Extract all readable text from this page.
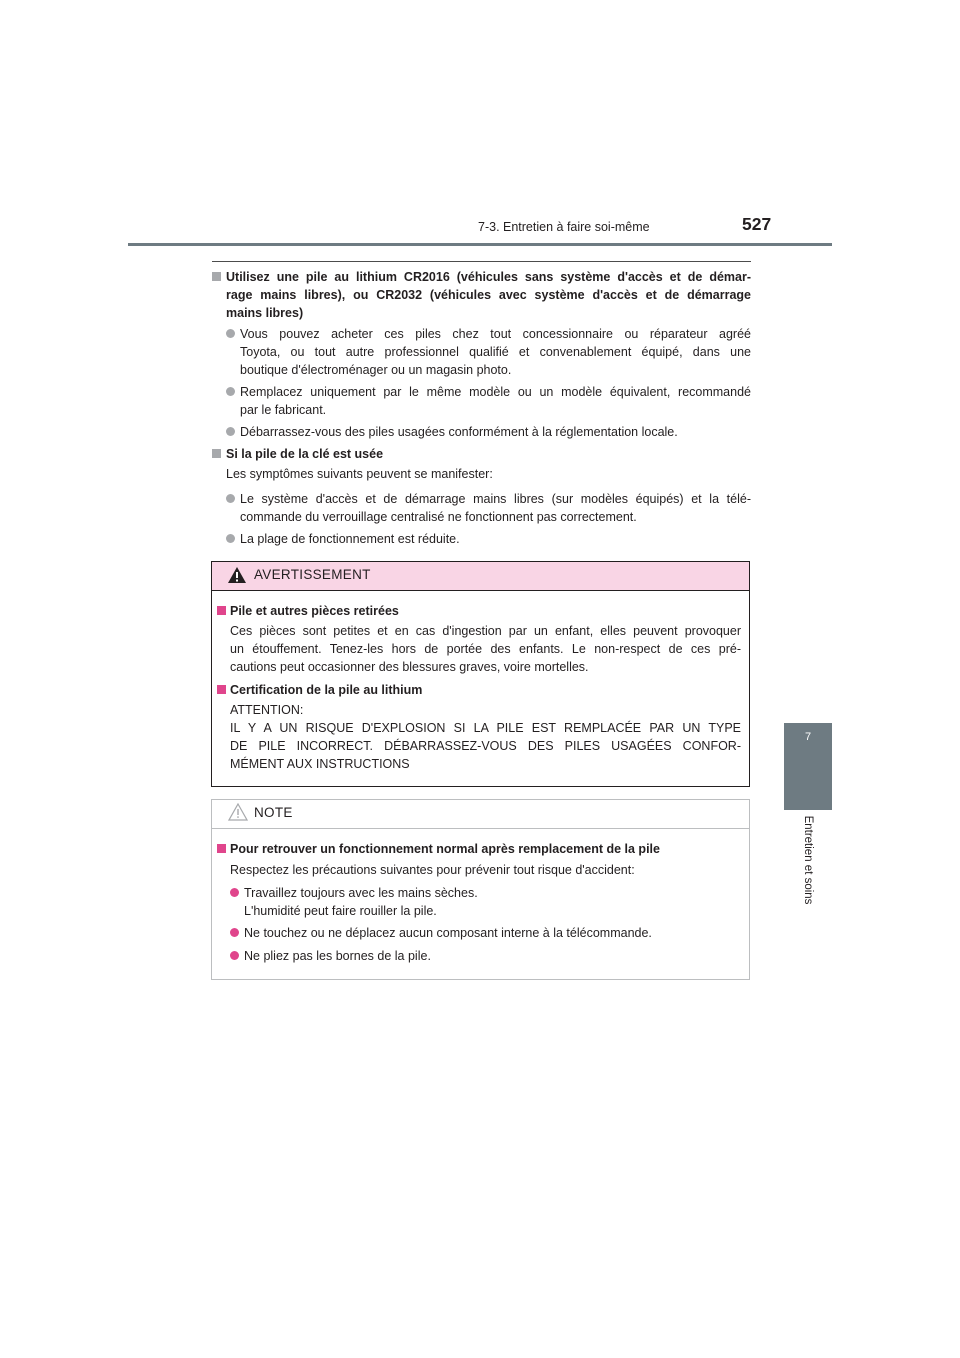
7-3. Entretien à faire soi-même	527
7
Entretien et soins
Utilisez une pile au lithium CR2016 (véhicules sans système d'accès et de démar-
rage mains libres), ou CR2032 (véhicules avec système d'accès et de démarrage
mains libres)
Vous pouvez acheter ces piles chez tout concessionnaire ou réparateur agréé
Toyota, ou tout autre professionnel qualifié et convenablement équipé, dans une
boutique d'électroménager ou un magasin photo.
Remplacez uniquement par le même modèle ou un modèle équivalent, recommandé
par le fabricant.
Débarrassez-vous des piles usagées conformément à la réglementation locale.
Si la pile de la clé est usée
Les symptômes suivants peuvent se manifester:
Le système d'accès et de démarrage mains libres (sur modèles équipés) et la télé-
commande du verrouillage centralisé ne fonctionnent pas correctement.
La plage de fonctionnement est réduite.
AVERTISSEMENT
Pile et autres pièces retirées
Ces pièces sont petites et en cas d'ingestion par un enfant, elles peuvent provoquer
un étouffement. Tenez-les hors de portée des enfants. Le non-respect de ces pré-
cautions peut occasionner des blessures graves, voire mortelles.
Certification de la pile au lithium
ATTENTION:
IL Y A UN RISQUE D'EXPLOSION SI LA PILE EST REMPLACÉE PAR UN TYPE
DE PILE INCORRECT. DÉBARRASSEZ-VOUS DES PILES USAGÉES CONFOR-
MÉMENT AUX INSTRUCTIONS
NOTE
Pour retrouver un fonctionnement normal après remplacement de la pile
Respectez les précautions suivantes pour prévenir tout risque d'accident:
Travaillez toujours avec les mains sèches.
L'humidité peut faire rouiller la pile.
Ne touchez ou ne déplacez aucun composant interne à la télécommande.
Ne pliez pas les bornes de la pile.
